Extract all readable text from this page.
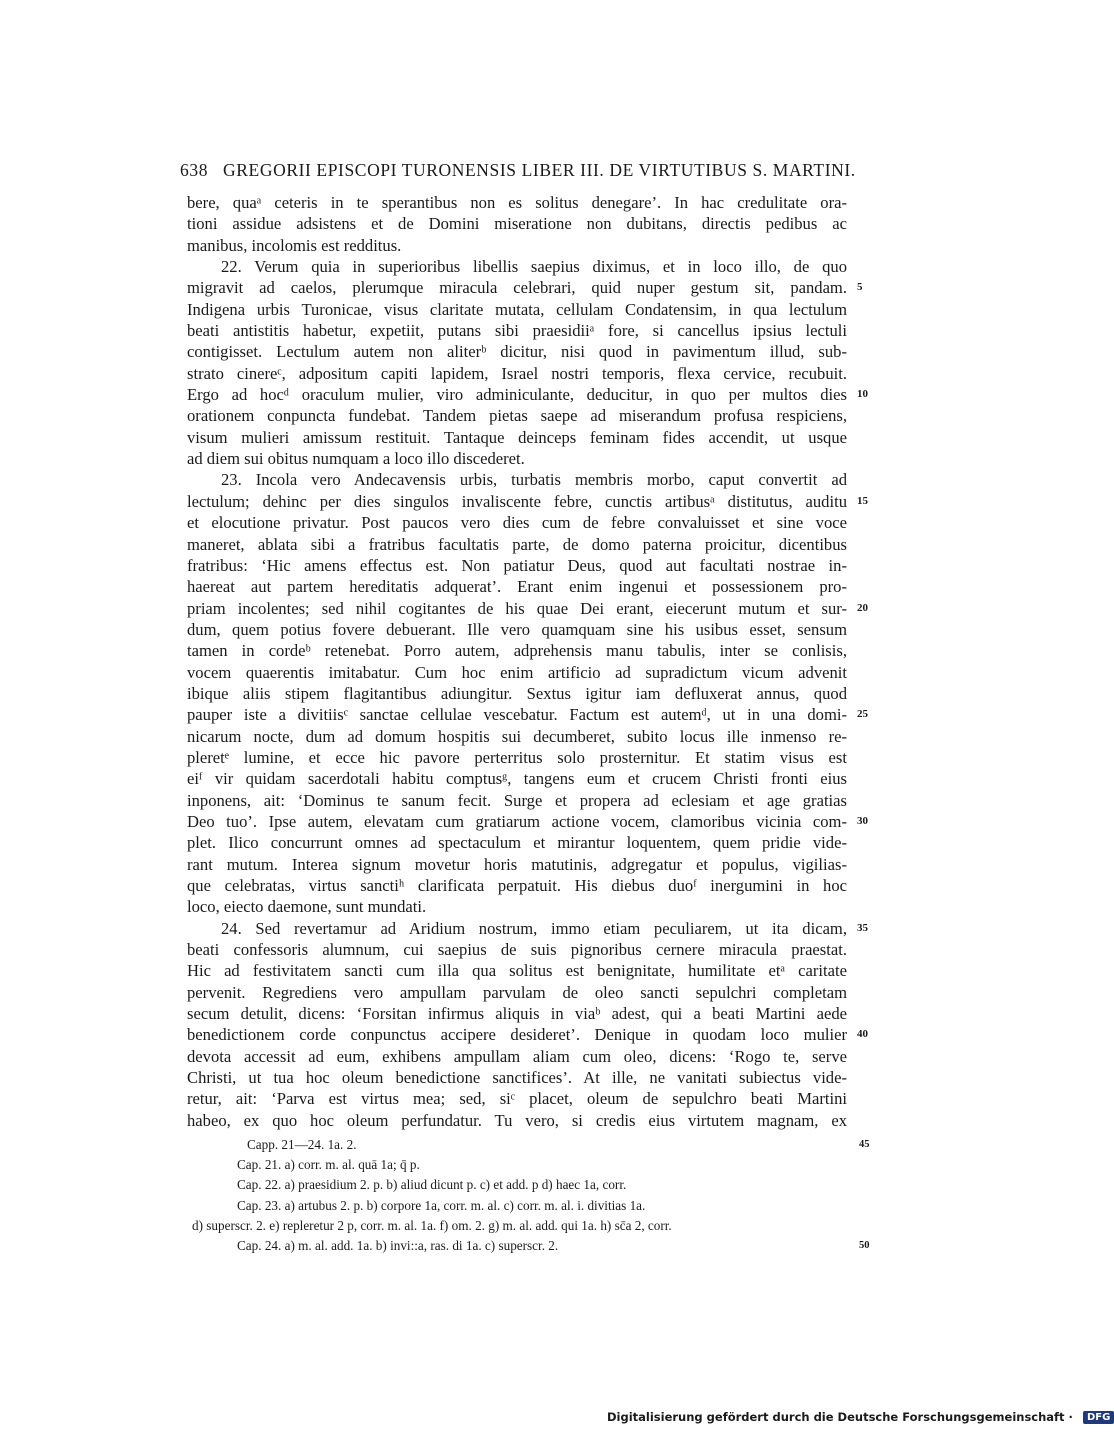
638 GREGORII EPISCOPI TURONENSIS LIBER III. DE VIRTUTIBUS S. MARTINI.
bere, quaᵃ ceteris in te sperantibus non es solitus denegare’. In hac credulitate ora-
tioni assidue adsistens et de Domini miseratione non dubitans, directis pedibus ac
manibus, incolomis est redditus.
22. Verum quia in superioribus libellis saepius diximus, et in loco illo, de quo
migravit ad caelos, plerumque miracula celebrari, quid nuper gestum sit, pandam. 5
Indigena urbis Turonicae, visus claritate mutata, cellulam Condatensim, in qua lectulum
beati antistitis habetur, expetiit, putans sibi praesidiiᵃ fore, si cancellus ipsius lectuli
contigisset. Lectulum autem non aliterᵇ dicitur, nisi quod in pavimentum illud, sub-
strato cinereᶜ, adpositum capiti lapidem, Israel nostri temporis, flexa cervice, recubuit.
Ergo ad hocᵈ oraculum mulier, viro adminiculante, deducitur, in quo per multos dies 10
orationem conpuncta fundebat. Tandem pietas saepe ad miserandum profusa respiciens,
visum mulieri amissum restituit. Tantaque deinceps feminam fides accendit, ut usque
ad diem sui obitus numquam a loco illo discederet.
23. Incola vero Andecavensis urbis, turbatis membris morbo, caput convertit ad
lectulum; dehinc per dies singulos invaliscente febre, cunctis artibusᵃ distitutus, auditu 15
et elocutione privatur. Post paucos vero dies cum de febre convaluisset et sine voce
maneret, ablata sibi a fratribus facultatis parte, de domo paterna proicitur, dicentibus
fratribus: ‘Hic amens effectus est. Non patiatur Deus, quod aut facultati nostrae in-
haereat aut partem hereditatis adquerat’. Erant enim ingenui et possessionem pro-
priam incolentes; sed nihil cogitantes de his quae Dei erant, eiecerunt mutum et sur- 20
dum, quem potius fovere debuerant. Ille vero quamquam sine his usibus esset, sensum
tamen in cordeᵇ retenebat. Porro autem, adprehensis manu tabulis, inter se conlisis,
vocem quaerentis imitabatur. Cum hoc enim artificio ad supradictum vicum advenit
ibique aliis stipem flagitantibus adiungitur. Sextus igitur iam defluxerat annus, quod
pauper iste a divitiisᶜ sanctae cellulae vescebatur. Factum est autemᵈ, ut in una domi- 25
nicarum nocte, dum ad domum hospitis sui decumberet, subito locus ille inmenso re-
pleretᵉ lumine, et ecce hic pavore perterritus solo prosternitur. Et statim visus est
eiᶠ vir quidam sacerdotali habitu comptusᵍ, tangens eum et crucem Christi fronti eius
inponens, ait: ‘Dominus te sanum fecit. Surge et propera ad eclesiam et age gratias
Deo tuo’. Ipse autem, elevatam cum gratiarum actione vocem, clamoribus vicinia com- 30
plet. Ilico concurrunt omnes ad spectaculum et mirantur loquentem, quem pridie vide-
rant mutum. Interea signum movetur horis matutinis, adgregatur et populus, vigilias-
que celebratas, virtus sanctiʰ clarificata perpatuit. His diebus duoᶠ inergumini in hoc
loco, eiecto daemone, sunt mundati.
24. Sed revertamur ad Aridium nostrum, immo etiam peculiarem, ut ita dicam, 35
beati confessoris alumnum, cui saepius de suis pignoribus cernere miracula praestat.
Hic ad festivitatem sancti cum illa qua solitus est benignitate, humilitate etᵃ caritate
pervenit. Regrediens vero ampullam parvulam de oleo sancti sepulchri completam
secum detulit, dicens: ‘Forsitan infirmus aliquis in viaᵇ adest, qui a beati Martini aede
benedictionem corde conpunctus accipere desideret’. Denique in quodam loco mulier 40
devota accessit ad eum, exhibens ampullam aliam cum oleo, dicens: ‘Rogo te, serve
Christi, ut tua hoc oleum benedictione sanctifices’. At ille, ne vanitati subiectus vide-
retur, ait: ‘Parva est virtus mea; sed, siᶜ placet, oleum de sepulchro beati Martini
habeo, ex quo hoc oleum perfundatur. Tu vero, si credis eius virtutem magnam, ex
Capp. 21—24. 1a. 2.	45
Cap. 21. a) corr. m. al. quā 1a; q̄ p.
Cap. 22. a) praesidium 2. p. b) aliud dicunt p. c) et add. p d) haec 1a, corr.
Cap. 23. a) artubus 2. p. b) corpore 1a, corr. m. al. c) corr. m. al. i. divitias 1a.
d) superscr. 2. e) repleretur 2 p, corr. m. al. 1a. f) om. 2. g) m. al. add. qui 1a. h) sc̄a 2, corr.
Cap. 24. a) m. al. add. 1a. b) invi::a, ras. di 1a. c) superscr. 2.	50
Digitalisierung gefördert durch die Deutsche Forschungsgemeinschaft · DFG
